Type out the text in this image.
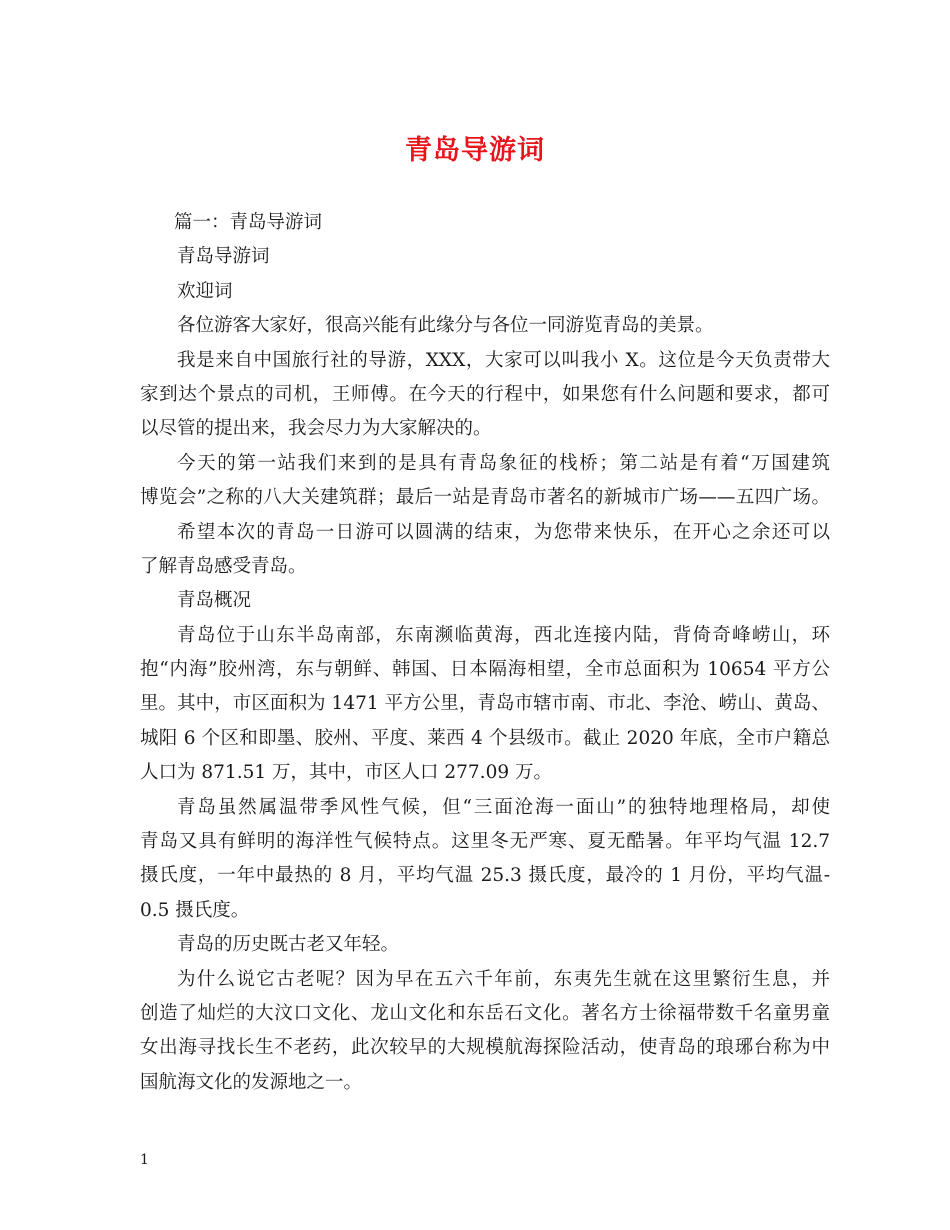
青岛导游词
篇一：青岛导游词
青岛导游词
欢迎词
各位游客大家好，很高兴能有此缘分与各位一同游览青岛的美景。
我是来自中国旅行社的导游，XXX，大家可以叫我小 X。这位是今天负责带大
家到达个景点的司机，王师傅。在今天的行程中，如果您有什么问题和要求，都可
以尽管的提出来，我会尽力为大家解决的。
今天的第一站我们来到的是具有青岛象征的栈桥；第二站是有着“万国建筑
博览会”之称的八大关建筑群；最后一站是青岛市著名的新城市广场——五四广场。
希望本次的青岛一日游可以圆满的结束，为您带来快乐，在开心之余还可以
了解青岛感受青岛。
青岛概况
青岛位于山东半岛南部，东南濒临黄海，西北连接内陆，背倚奇峰崂山，环
抱“内海”胶州湾，东与朝鲜、韩国、日本隔海相望，全市总面积为 10654 平方公
里。其中，市区面积为 1471 平方公里，青岛市辖市南、市北、李沧、崂山、黄岛、
城阳 6 个区和即墨、胶州、平度、莱西 4 个县级市。截止 2020 年底，全市户籍总
人口为 871.51 万，其中，市区人口 277.09 万。
青岛虽然属温带季风性气候，但“三面沧海一面山”的独特地理格局，却使
青岛又具有鲜明的海洋性气候特点。这里冬无严寒、夏无酷暑。年平均气温 12.7
摄氏度，一年中最热的 8 月，平均气温 25.3 摄氏度，最冷的 1 月份，平均气温-
0.5 摄氏度。
青岛的历史既古老又年轻。
为什么说它古老呢？因为早在五六千年前，东夷先生就在这里繁衍生息，并
创造了灿烂的大汶口文化、龙山文化和东岳石文化。著名方士徐福带数千名童男童
女出海寻找长生不老药，此次较早的大规模航海探险活动，使青岛的琅琊台称为中
国航海文化的发源地之一。
1
